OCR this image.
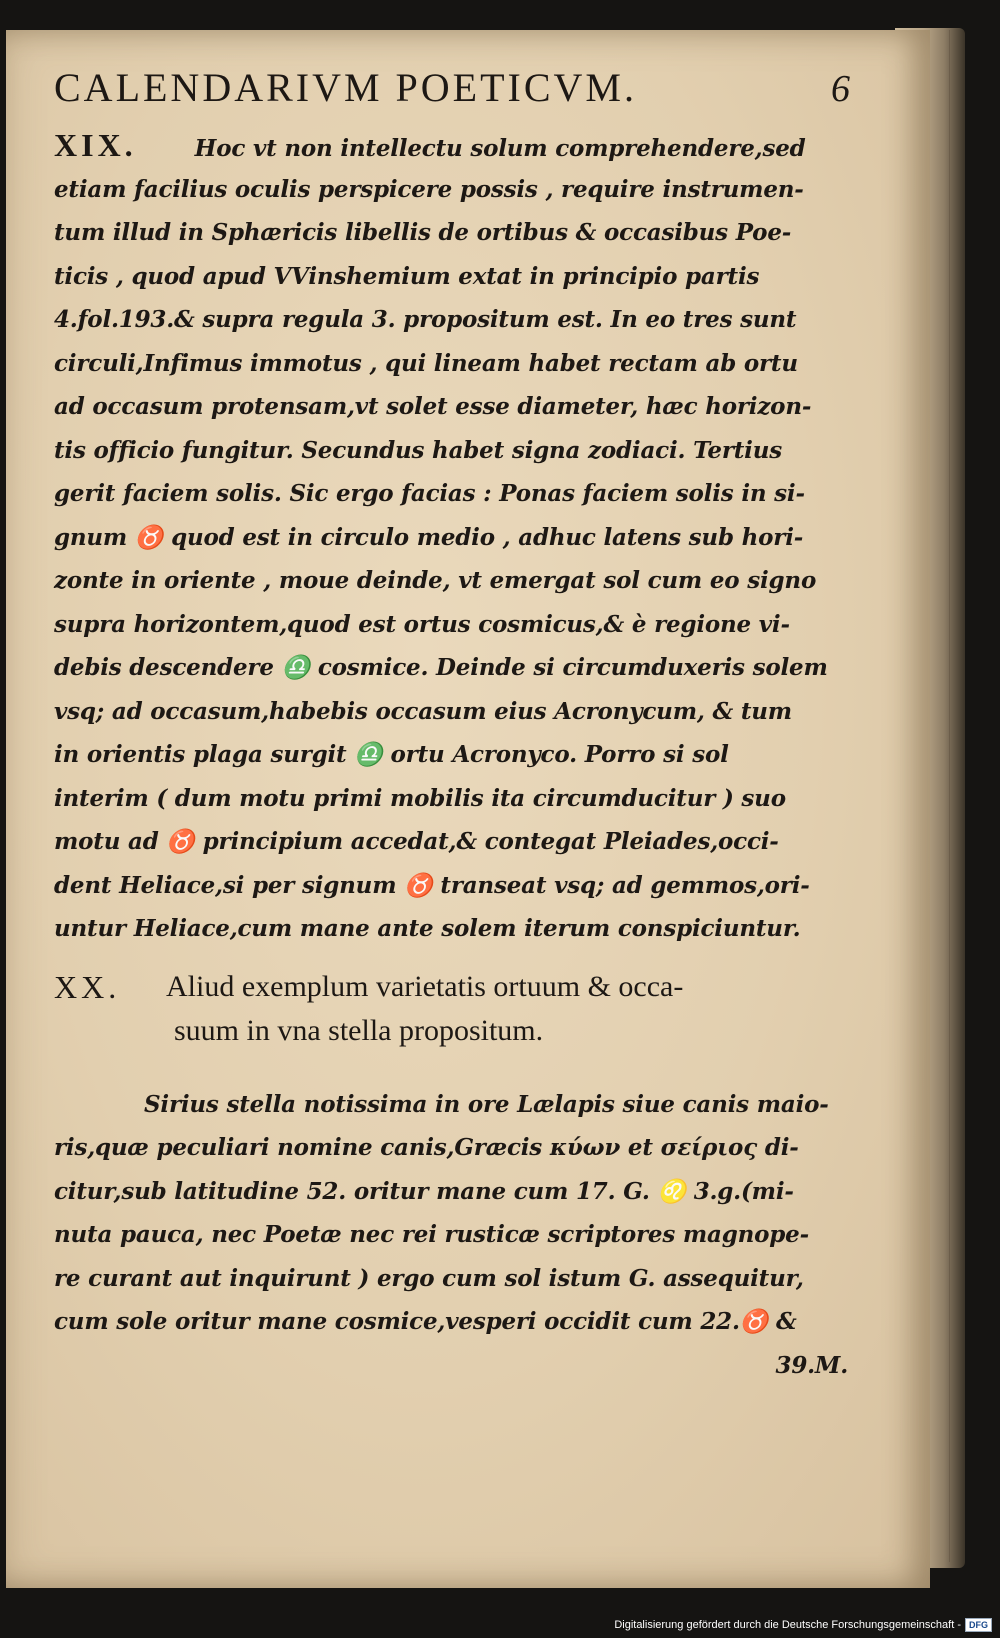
CALENDARIVM POETICVM.	6
XIX.	Hoc vt non intellectu solum comprehendere,sed
etiam facilius oculis perspicere possis , require instrumen-
tum illud in Sphæricis libellis de ortibus & occasibus Poe-
ticis , quod apud VVinshemium extat in principio partis
4.fol.193.& supra regula 3. propositum est. In eo tres sunt
circuli,Infimus immotus , qui lineam habet rectam ab ortu
ad occasum protensam,vt solet esse diameter, hæc horizon-
tis officio fungitur. Secundus habet signa zodiaci. Tertius
gerit faciem solis. Sic ergo facias : Ponas faciem solis in si-
gnum ♉ quod est in circulo medio , adhuc latens sub hori-
zonte in oriente , moue deinde, vt emergat sol cum eo signo
supra horizontem,quod est ortus cosmicus,& è regione vi-
debis descendere ♎ cosmice. Deinde si circumduxeris solem
vsq; ad occasum,habebis occasum eius Acronycum, & tum
in orientis plaga surgit ♎ ortu Acronyco. Porro si sol
interim ( dum motu primi mobilis ita circumducitur ) suo
motu ad ♉ principium accedat,& contegat Pleiades,occi-
dent Heliace,si per signum ♉ transeat vsq; ad gemmos,ori-
untur Heliace,cum mane ante solem iterum conspiciuntur.
XX.	Aliud exemplum varietatis ortuum & occa-
suum in vna stella propositum.
Sirius stella notissima in ore Lælapis siue canis maio-
ris,quæ peculiari nomine canis,Græcis κύων et σείριος di-
citur,sub latitudine 52. oritur mane cum 17. G. ♌ 3.g.(mi-
nuta pauca, nec Poetæ nec rei rusticæ scriptores magnope-
re curant aut inquirunt ) ergo cum sol istum G. assequitur,
cum sole oritur mane cosmice,vesperi occidit cum 22.♉ &
39.M.
Digitalisierung gefördert durch die Deutsche Forschungsgemeinschaft - DFG
